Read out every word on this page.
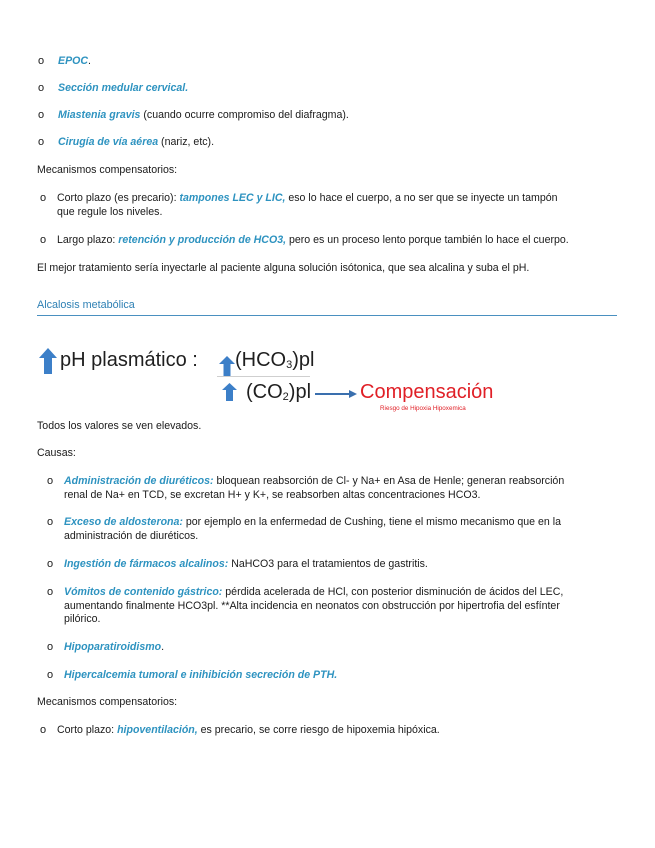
o EPOC.
o Sección medular cervical.
o Miastenia gravis (cuando ocurre compromiso del diafragma).
o Cirugía de vía aérea (nariz, etc).
Mecanismos compensatorios:
o Corto plazo (es precario): tampones LEC y LIC, eso lo hace el cuerpo, a no ser que se inyecte un tampón
que regule los niveles.
o Largo plazo: retención y producción de HCO3, pero es un proceso lento porque también lo hace el cuerpo.
El mejor tratamiento sería inyectarle al paciente alguna solución isótonica, que sea alcalina y suba el pH.
Alcalosis metabólica
pH plasmático : (HCO3)pl
(CO2)pl Compensación
Riesgo de Hipoxia Hipoxemica
Todos los valores se ven elevados.
Causas:
o Administración de diuréticos: bloquean reabsorción de Cl- y Na+ en Asa de Henle; generan reabsorción
renal de Na+ en TCD, se excretan H+ y K+, se reabsorben altas concentraciones HCO3.
o Exceso de aldosterona: por ejemplo en la enfermedad de Cushing, tiene el mismo mecanismo que en la
administración de diuréticos.
o Ingestión de fármacos alcalinos: NaHCO3 para el tratamientos de gastritis.
o Vómitos de contenido gástrico: pérdida acelerada de HCl, con posterior disminución de ácidos del LEC,
aumentando finalmente HCO3pl. **Alta incidencia en neonatos con obstrucción por hipertrofia del esfínter
pilórico.
o Hipoparatiroidismo.
o Hipercalcemia tumoral e inihibición secreción de PTH.
Mecanismos compensatorios:
o Corto plazo: hipoventilación, es precario, se corre riesgo de hipoxemia hipóxica.
